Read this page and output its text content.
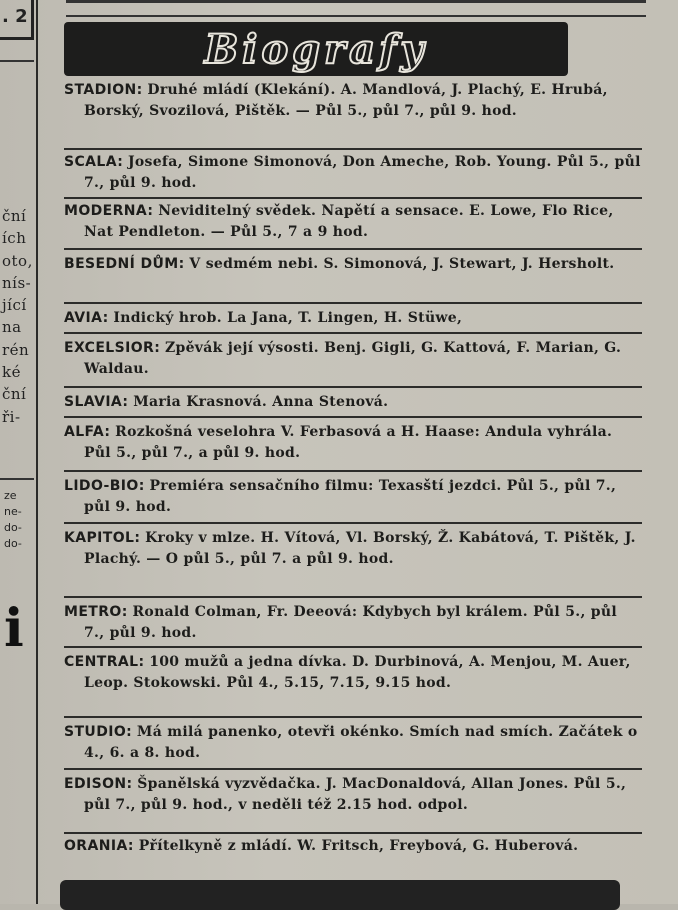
. 2
ční
ích
oto,
nís-
jící
na
rén
ké
ční
ři-
ze
ne-
do-
do-
i
Biografy
STADION: Druhé mládí (Klekání). A. Mandlová, J. Plachý, E. Hrubá, Borský, Svozilová, Pištěk. — Půl 5., půl 7., půl 9. hod.
SCALA: Josefa, Simone Simonová, Don Ameche, Rob. Young. Půl 5., půl 7., půl 9. hod.
MODERNA: Neviditelný svědek. Napětí a sensace. E. Lowe, Flo Rice, Nat Pendleton. — Půl 5., 7 a 9 hod.
BESEDNÍ DŮM: V sedmém nebi. S. Simonová, J. Stewart, J. Hersholt.
AVIA: Indický hrob. La Jana, T. Lingen, H. Stüwe,
EXCELSIOR: Zpěvák její výsosti. Benj. Gigli, G. Kattová, F. Marian, G. Waldau.
SLAVIA: Maria Krasnová. Anna Stenová.
ALFA: Rozkošná veselohra V. Ferbasová a H. Haase: Andula vyhrála. Půl 5., půl 7., a půl 9. hod.
LIDO-BIO: Premiéra sensačního filmu: Texasští jezdci. Půl 5., půl 7., půl 9. hod.
KAPITOL: Kroky v mlze. H. Vítová, Vl. Borský, Ž. Kabátová, T. Pištěk, J. Plachý. — O půl 5., půl 7. a půl 9. hod.
METRO: Ronald Colman, Fr. Deeová: Kdybych byl králem. Půl 5., půl 7., půl 9. hod.
CENTRAL: 100 mužů a jedna dívka. D. Durbinová, A. Menjou, M. Auer, Leop. Stokowski. Půl 4., 5.15, 7.15, 9.15 hod.
STUDIO: Má milá panenko, otevři okénko. Smích nad smích. Začátek o 4., 6. a 8. hod.
EDISON: Španělská vyzvědačka. J. MacDonaldová, Allan Jones. Půl 5., půl 7., půl 9. hod., v neděli též 2.15 hod. odpol.
ORANIA: Přítelkyně z mládí. W. Fritsch, Freybová, G. Huberová.
